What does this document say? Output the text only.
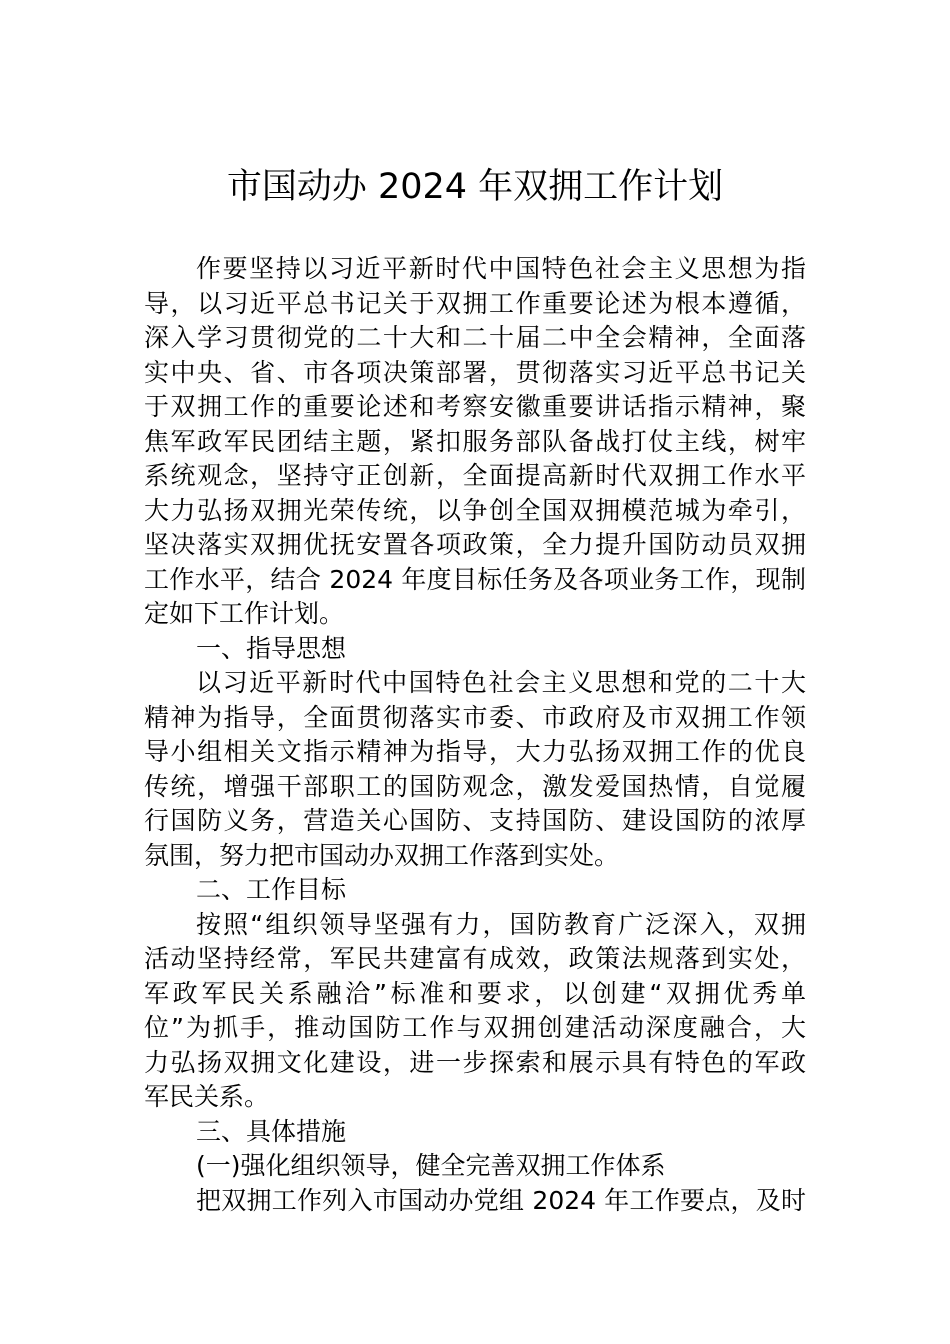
市国动办 2024 年双拥工作计划
作要坚持以习近平新时代中国特色社会主义思想为指
导，以习近平总书记关于双拥工作重要论述为根本遵循，
深入学习贯彻党的二十大和二十届二中全会精神，全面落
实中央、省、市各项决策部署，贯彻落实习近平总书记关
于双拥工作的重要论述和考察安徽重要讲话指示精神，聚
焦军政军民团结主题，紧扣服务部队备战打仗主线，树牢
系统观念，坚持守正创新，全面提高新时代双拥工作水平
大力弘扬双拥光荣传统，以争创全国双拥模范城为牵引，
坚决落实双拥优抚安置各项政策，全力提升国防动员双拥
工作水平，结合 2024 年度目标任务及各项业务工作，现制
定如下工作计划。
一、指导思想
以习近平新时代中国特色社会主义思想和党的二十大
精神为指导，全面贯彻落实市委、市政府及市双拥工作领
导小组相关文指示精神为指导，大力弘扬双拥工作的优良
传统，增强干部职工的国防观念，激发爱国热情，自觉履
行国防义务，营造关心国防、支持国防、建设国防的浓厚
氛围，努力把市国动办双拥工作落到实处。
二、工作目标
按照“组织领导坚强有力，国防教育广泛深入，双拥
活动坚持经常，军民共建富有成效，政策法规落到实处，
军政军民关系融洽”标准和要求，以创建“双拥优秀单
位”为抓手，推动国防工作与双拥创建活动深度融合，大
力弘扬双拥文化建设，进一步探索和展示具有特色的军政
军民关系。
三、具体措施
(一)强化组织领导，健全完善双拥工作体系
把双拥工作列入市国动办党组 2024 年工作要点，及时
